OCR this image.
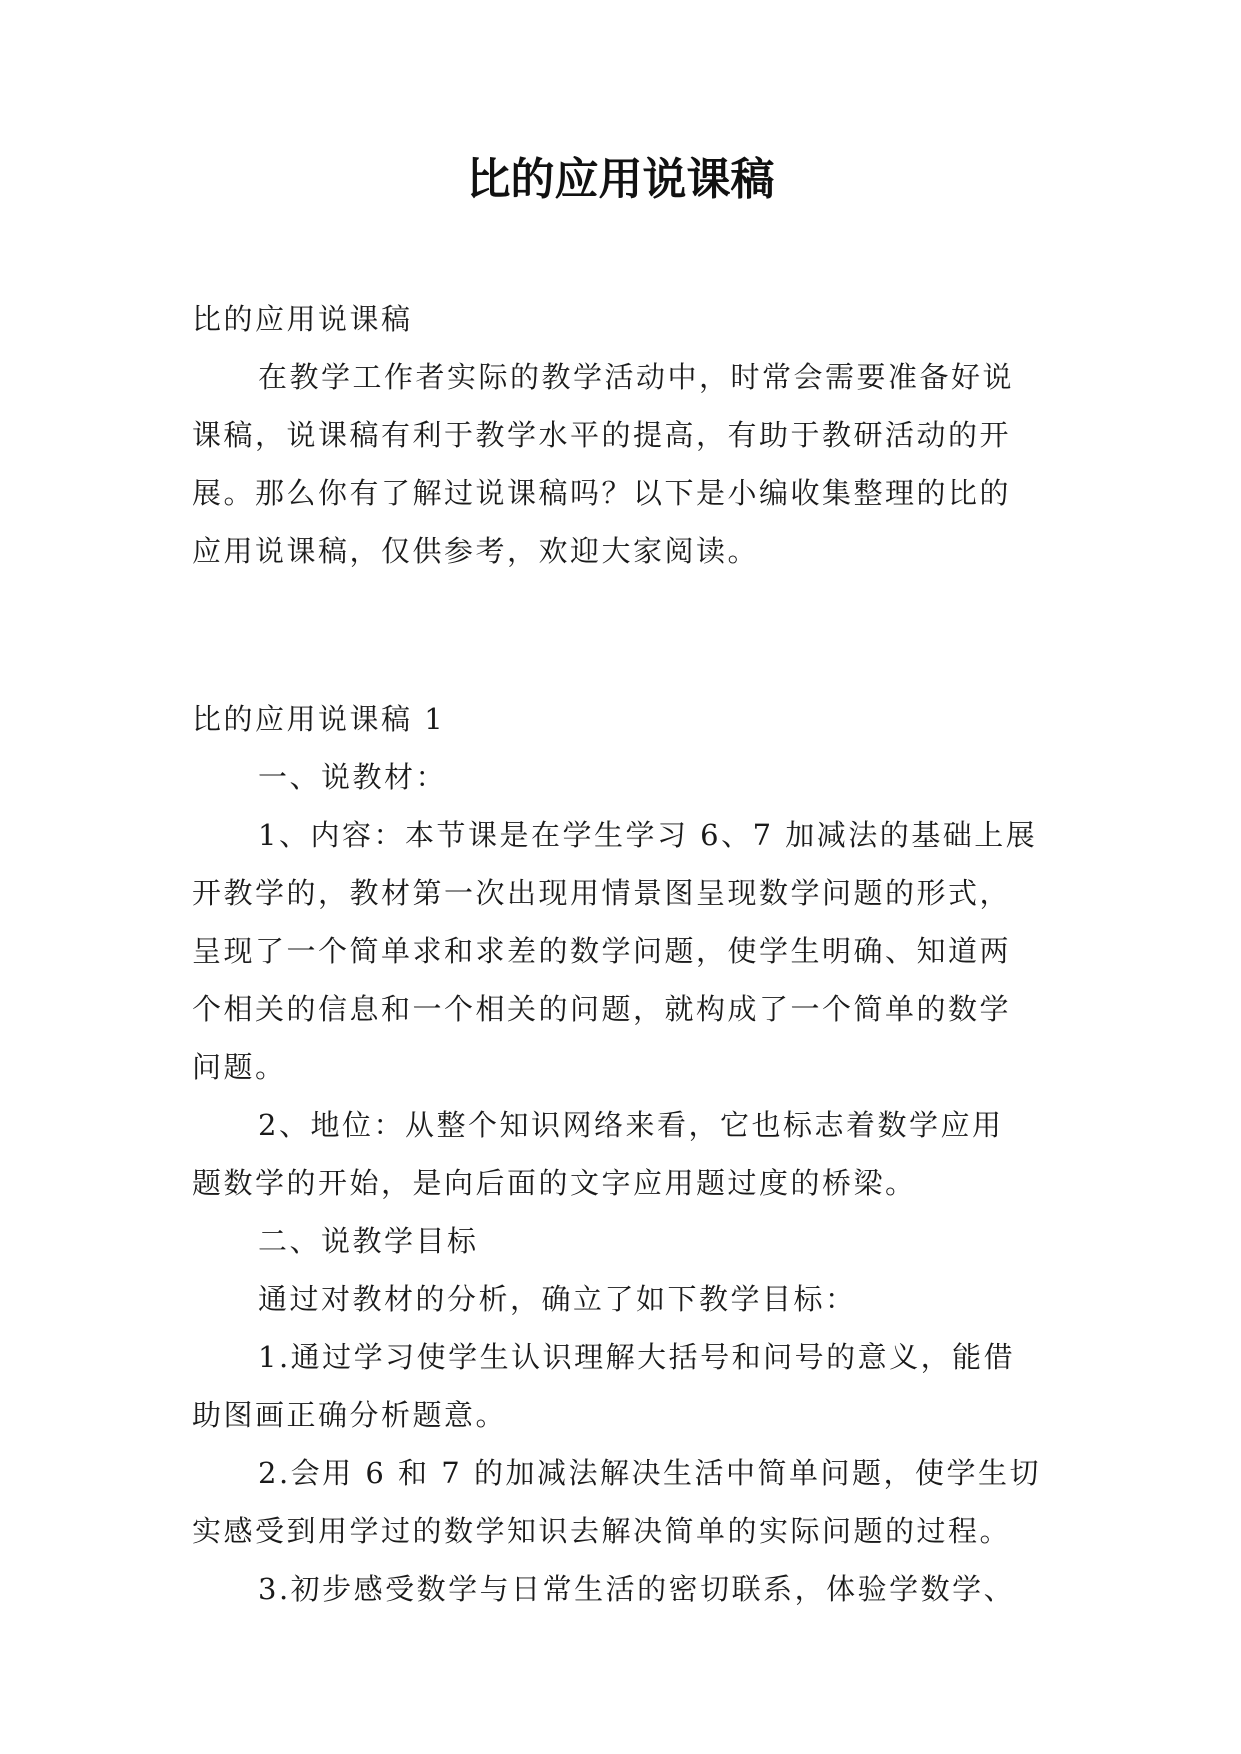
比的应用说课稿
比的应用说课稿
在教学工作者实际的教学活动中，时常会需要准备好说
课稿，说课稿有利于教学水平的提高，有助于教研活动的开
展。那么你有了解过说课稿吗？以下是小编收集整理的比的
应用说课稿，仅供参考，欢迎大家阅读。
比的应用说课稿 1
一、说教材：
1、内容：本节课是在学生学习 6、7 加减法的基础上展
开教学的，教材第一次出现用情景图呈现数学问题的形式，
呈现了一个简单求和求差的数学问题，使学生明确、知道两
个相关的信息和一个相关的问题，就构成了一个简单的数学
问题。
2、地位：从整个知识网络来看，它也标志着数学应用
题数学的开始，是向后面的文字应用题过度的桥梁。
二、说教学目标
通过对教材的分析，确立了如下教学目标：
1.通过学习使学生认识理解大括号和问号的意义，能借
助图画正确分析题意。
2.会用 6 和 7 的加减法解决生活中简单问题，使学生切
实感受到用学过的数学知识去解决简单的实际问题的过程。
3.初步感受数学与日常生活的密切联系，体验学数学、
